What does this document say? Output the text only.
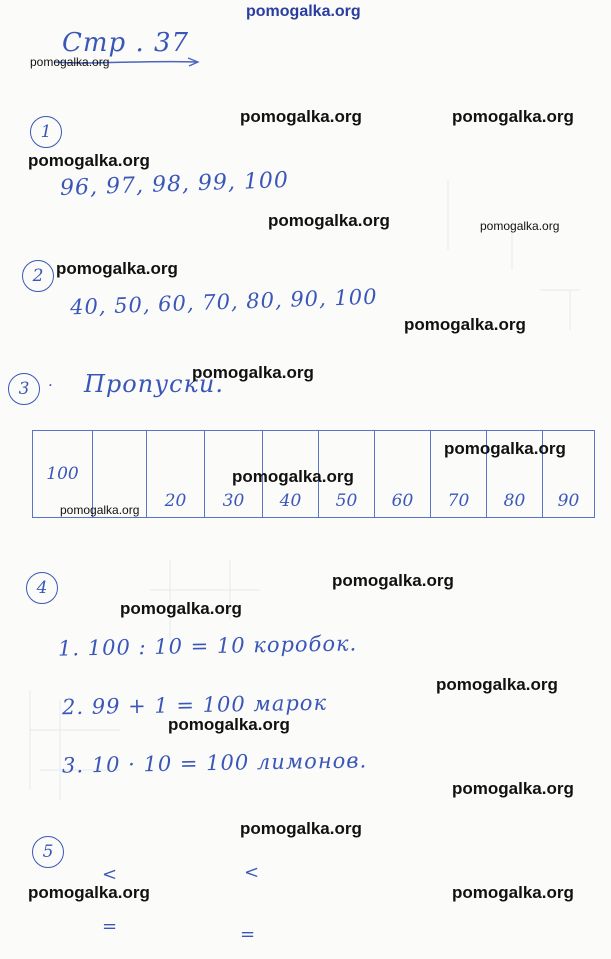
pomogalka.org
Стр . 37
pomogalka.org
1
pomogalka.org	pomogalka.org
pomogalka.org
96, 97, 98, 99, 100
pomogalka.org	pomogalka.org
2 pomogalka.org
40, 50, 60, 70, 80, 90, 100
pomogalka.org
3	. Пропуски.
pomogalka.org
100		20	30	40	50	60	70	80	90
pomogalka.org
pomogalka.org
pomogalka.org
4	pomogalka.org
pomogalka.org
1. 100 : 10 = 10 коробок.
pomogalka.org
2. 99 + 1 = 100 марок
pomogalka.org
3. 10 · 10 = 100 лимонов.
pomogalka.org
pomogalka.org
5
<	<
pomogalka.org	pomogalka.org
=	=
